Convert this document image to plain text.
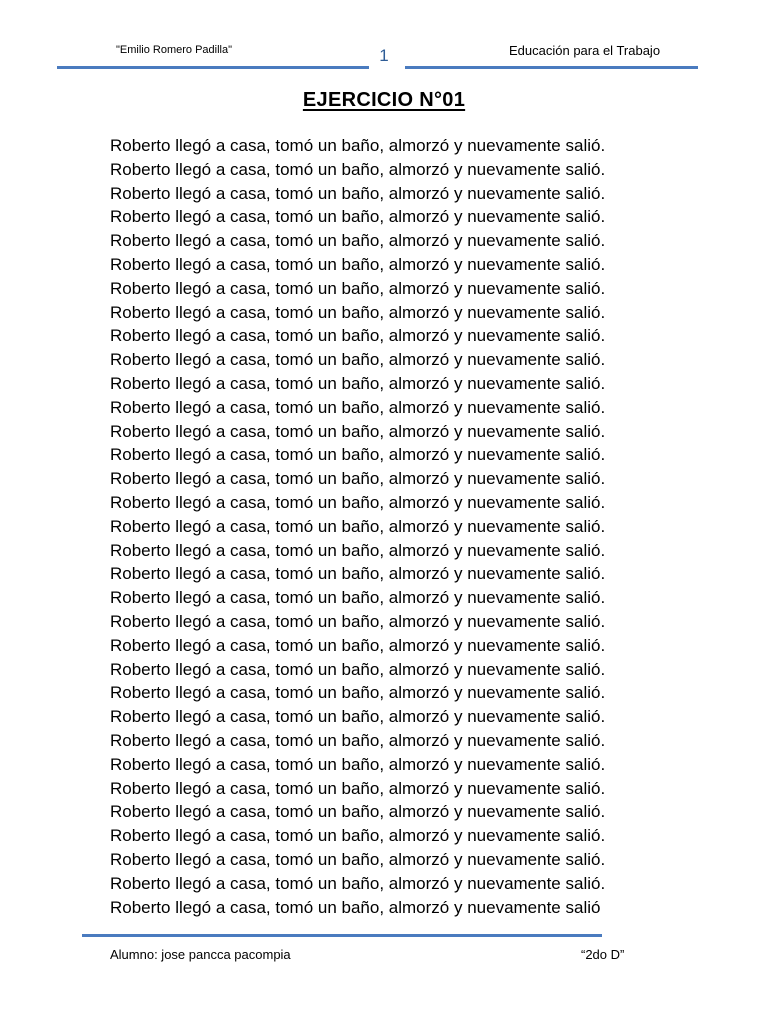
"Emilio Romero Padilla"	1	Educación para el Trabajo
EJERCICIO N°01
Roberto llegó a casa, tomó un baño, almorzó y nuevamente salió.
Roberto llegó a casa, tomó un baño, almorzó y nuevamente salió.
Roberto llegó a casa, tomó un baño, almorzó y nuevamente salió.
Roberto llegó a casa, tomó un baño, almorzó y nuevamente salió.
Roberto llegó a casa, tomó un baño, almorzó y nuevamente salió.
Roberto llegó a casa, tomó un baño, almorzó y nuevamente salió.
Roberto llegó a casa, tomó un baño, almorzó y nuevamente salió.
Roberto llegó a casa, tomó un baño, almorzó y nuevamente salió.
Roberto llegó a casa, tomó un baño, almorzó y nuevamente salió.
Roberto llegó a casa, tomó un baño, almorzó y nuevamente salió.
Roberto llegó a casa, tomó un baño, almorzó y nuevamente salió.
Roberto llegó a casa, tomó un baño, almorzó y nuevamente salió.
Roberto llegó a casa, tomó un baño, almorzó y nuevamente salió.
Roberto llegó a casa, tomó un baño, almorzó y nuevamente salió.
Roberto llegó a casa, tomó un baño, almorzó y nuevamente salió.
Roberto llegó a casa, tomó un baño, almorzó y nuevamente salió.
Roberto llegó a casa, tomó un baño, almorzó y nuevamente salió.
Roberto llegó a casa, tomó un baño, almorzó y nuevamente salió.
Roberto llegó a casa, tomó un baño, almorzó y nuevamente salió.
Roberto llegó a casa, tomó un baño, almorzó y nuevamente salió.
Roberto llegó a casa, tomó un baño, almorzó y nuevamente salió.
Roberto llegó a casa, tomó un baño, almorzó y nuevamente salió.
Roberto llegó a casa, tomó un baño, almorzó y nuevamente salió.
Roberto llegó a casa, tomó un baño, almorzó y nuevamente salió.
Roberto llegó a casa, tomó un baño, almorzó y nuevamente salió.
Roberto llegó a casa, tomó un baño, almorzó y nuevamente salió.
Roberto llegó a casa, tomó un baño, almorzó y nuevamente salió.
Roberto llegó a casa, tomó un baño, almorzó y nuevamente salió.
Roberto llegó a casa, tomó un baño, almorzó y nuevamente salió.
Roberto llegó a casa, tomó un baño, almorzó y nuevamente salió.
Roberto llegó a casa, tomó un baño, almorzó y nuevamente salió.
Roberto llegó a casa, tomó un baño, almorzó y nuevamente salió.
Roberto llegó a casa, tomó un baño, almorzó y nuevamente salió
Alumno: jose pancca pacompia	“2do D”
